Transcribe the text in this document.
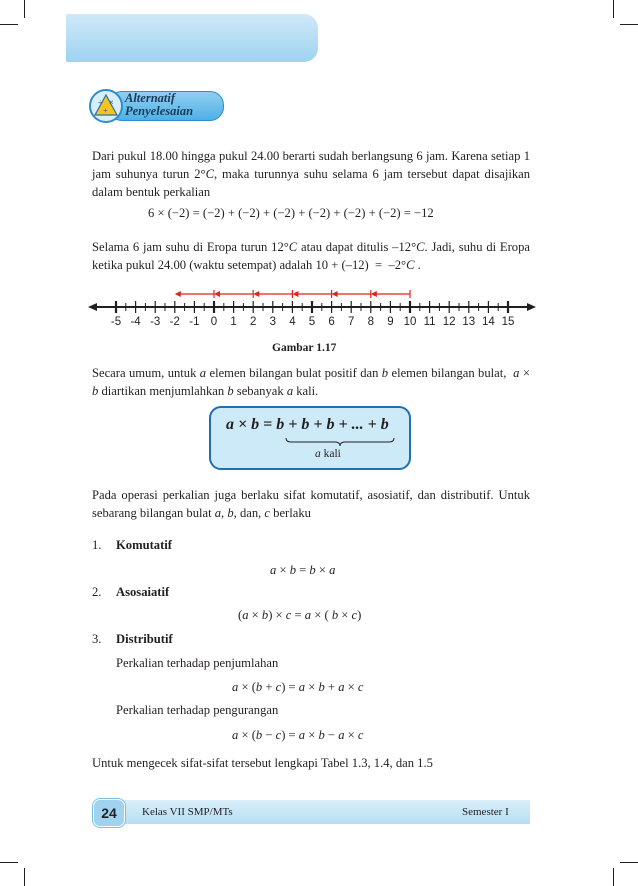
÷ ×
+
Alternatif
Penyelesaian
Dari pukul 18.00 hingga pukul 24.00 berarti sudah berlangsung 6 jam. Karena setiap 1 jam suhunya turun 2°C, maka turunnya suhu selama 6 jam tersebut dapat disajikan dalam bentuk perkalian
6 × (−2) = (−2) + (−2) + (−2) + (−2) + (−2) + (−2) = −12
Selama 6 jam suhu di Eropa turun 12°C atau dapat ditulis –12°C. Jadi, suhu di Eropa ketika pukul 24.00 (waktu setempat) adalah 10 + (–12)  =  –2°C .
-5 -4 -3 -2 -1 0 1 2 3 4 5 6 7 8 9 10 11 12 13 14 15
Gambar 1.17
Secara umum, untuk a elemen bilangan bulat positif dan b elemen bilangan bulat,  a × b diartikan menjumlahkan b sebanyak a kali.
a × b = b + b + b + ... + b
a kali
Pada operasi perkalian juga berlaku sifat komutatif, asosiatif, dan distributif. Untuk sebarang bilangan bulat a, b, dan, c berlaku
1. Komutatif
a × b = b × a
2. Asosaiatif
(a × b) × c = a × ( b × c)
3. Distributif
Perkalian terhadap penjumlahan
a × (b + c) = a × b + a × c
Perkalian terhadap pengurangan
a × (b − c) = a × b − a × c
Untuk mengecek sifat-sifat tersebut lengkapi Tabel 1.3, 1.4, dan 1.5
24	Kelas VII SMP/MTs	Semester I
